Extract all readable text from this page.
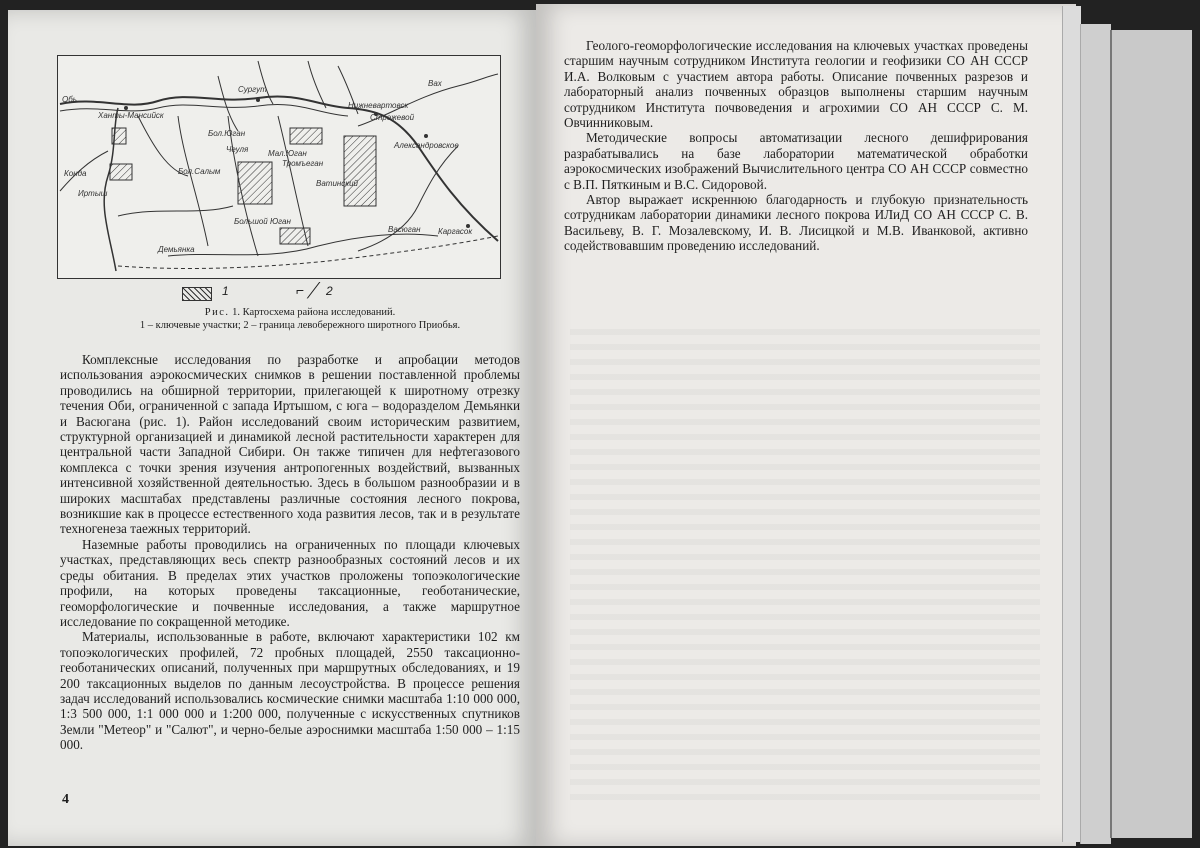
Обь
Ханты-Мансийск
Сургут
Вах
Нижневартовск
Стрежевой
Александровское
Бол.Салым
Чеуля Мал.Юган
Бол.Юган
Иртыш
Конда
Большой Юган
Васюган Каргасок
Демьянка
Ватинский
Тромъеган
1	⌐ ╱ 2
Рис. 1. Картосхема района исследований.
1 – ключевые участки; 2 – граница левобережного широтного Приобья.

Комплексные исследования по разработке и апробации методов использования аэрокосмических снимков в решении поставленной проблемы проводились на обширной территории, прилегающей к широтному отрезку течения Оби, ограниченной с запада Иртышом, с юга – водоразделом Демьянки и Васюгана (рис. 1). Район исследований своим историческим развитием, структурной организацией и динамикой лесной растительности характерен для центральной части Западной Сибири. Он также типичен для нефтегазового комплекса с точки зрения изучения антропогенных воздействий, вызванных интенсивной хозяйственной деятельностью. Здесь в большом разнообразии и в широких масштабах представлены различные состояния лесного покрова, возникшие как в процессе естественного хода развития лесов, так и в результате техногенеза таежных территорий.

Наземные работы проводились на ограниченных по площади ключевых участках, представляющих весь спектр разнообразных состояний лесов и их среды обитания. В пределах этих участков проложены топоэкологические профили, на которых проведены таксационные, геоботанические, геоморфологические и почвенные исследования, а также маршрутное исследование по сокращенной методике.

Материалы, использованные в работе, включают характеристики 102 км топоэкологических профилей, 72 пробных площадей, 2550 таксационно-геоботанических описаний, полученных при маршрутных обследованиях, и 19 200 таксационных выделов по данным лесоустройства. В процессе решения задач исследований использовались космические снимки масштаба 1:10 000 000, 1:3 500 000, 1:1 000 000 и 1:200 000, полученные с искусственных спутников Земли "Метеор" и "Салют", и черно-белые аэроснимки масштаба 1:50 000 – 1:15 000.

4

Геолого-геоморфологические исследования на ключевых участках проведены старшим научным сотрудником Института геологии и геофизики СО АН СССР И.А. Волковым с участием автора работы. Описание почвенных разрезов и лабораторный анализ почвенных образцов выполнены старшим научным сотрудником Института почвоведения и агрохимии СО АН СССР С. М. Овчинниковым.

Методические вопросы автоматизации лесного дешифрирования разрабатывались на базе лаборатории математической обработки аэрокосмических изображений Вычислительного центра СО АН СССР совместно с В.П. Пяткиным и В.С. Сидоровой.

Автор выражает искреннюю благодарность и глубокую признательность сотрудникам лаборатории динамики лесного покрова ИЛиД СО АН СССР С. В. Васильеву, В. Г. Мозалевскому, И. В. Лисицкой и М.В. Иванковой, активно содействовавшим проведению исследований.
